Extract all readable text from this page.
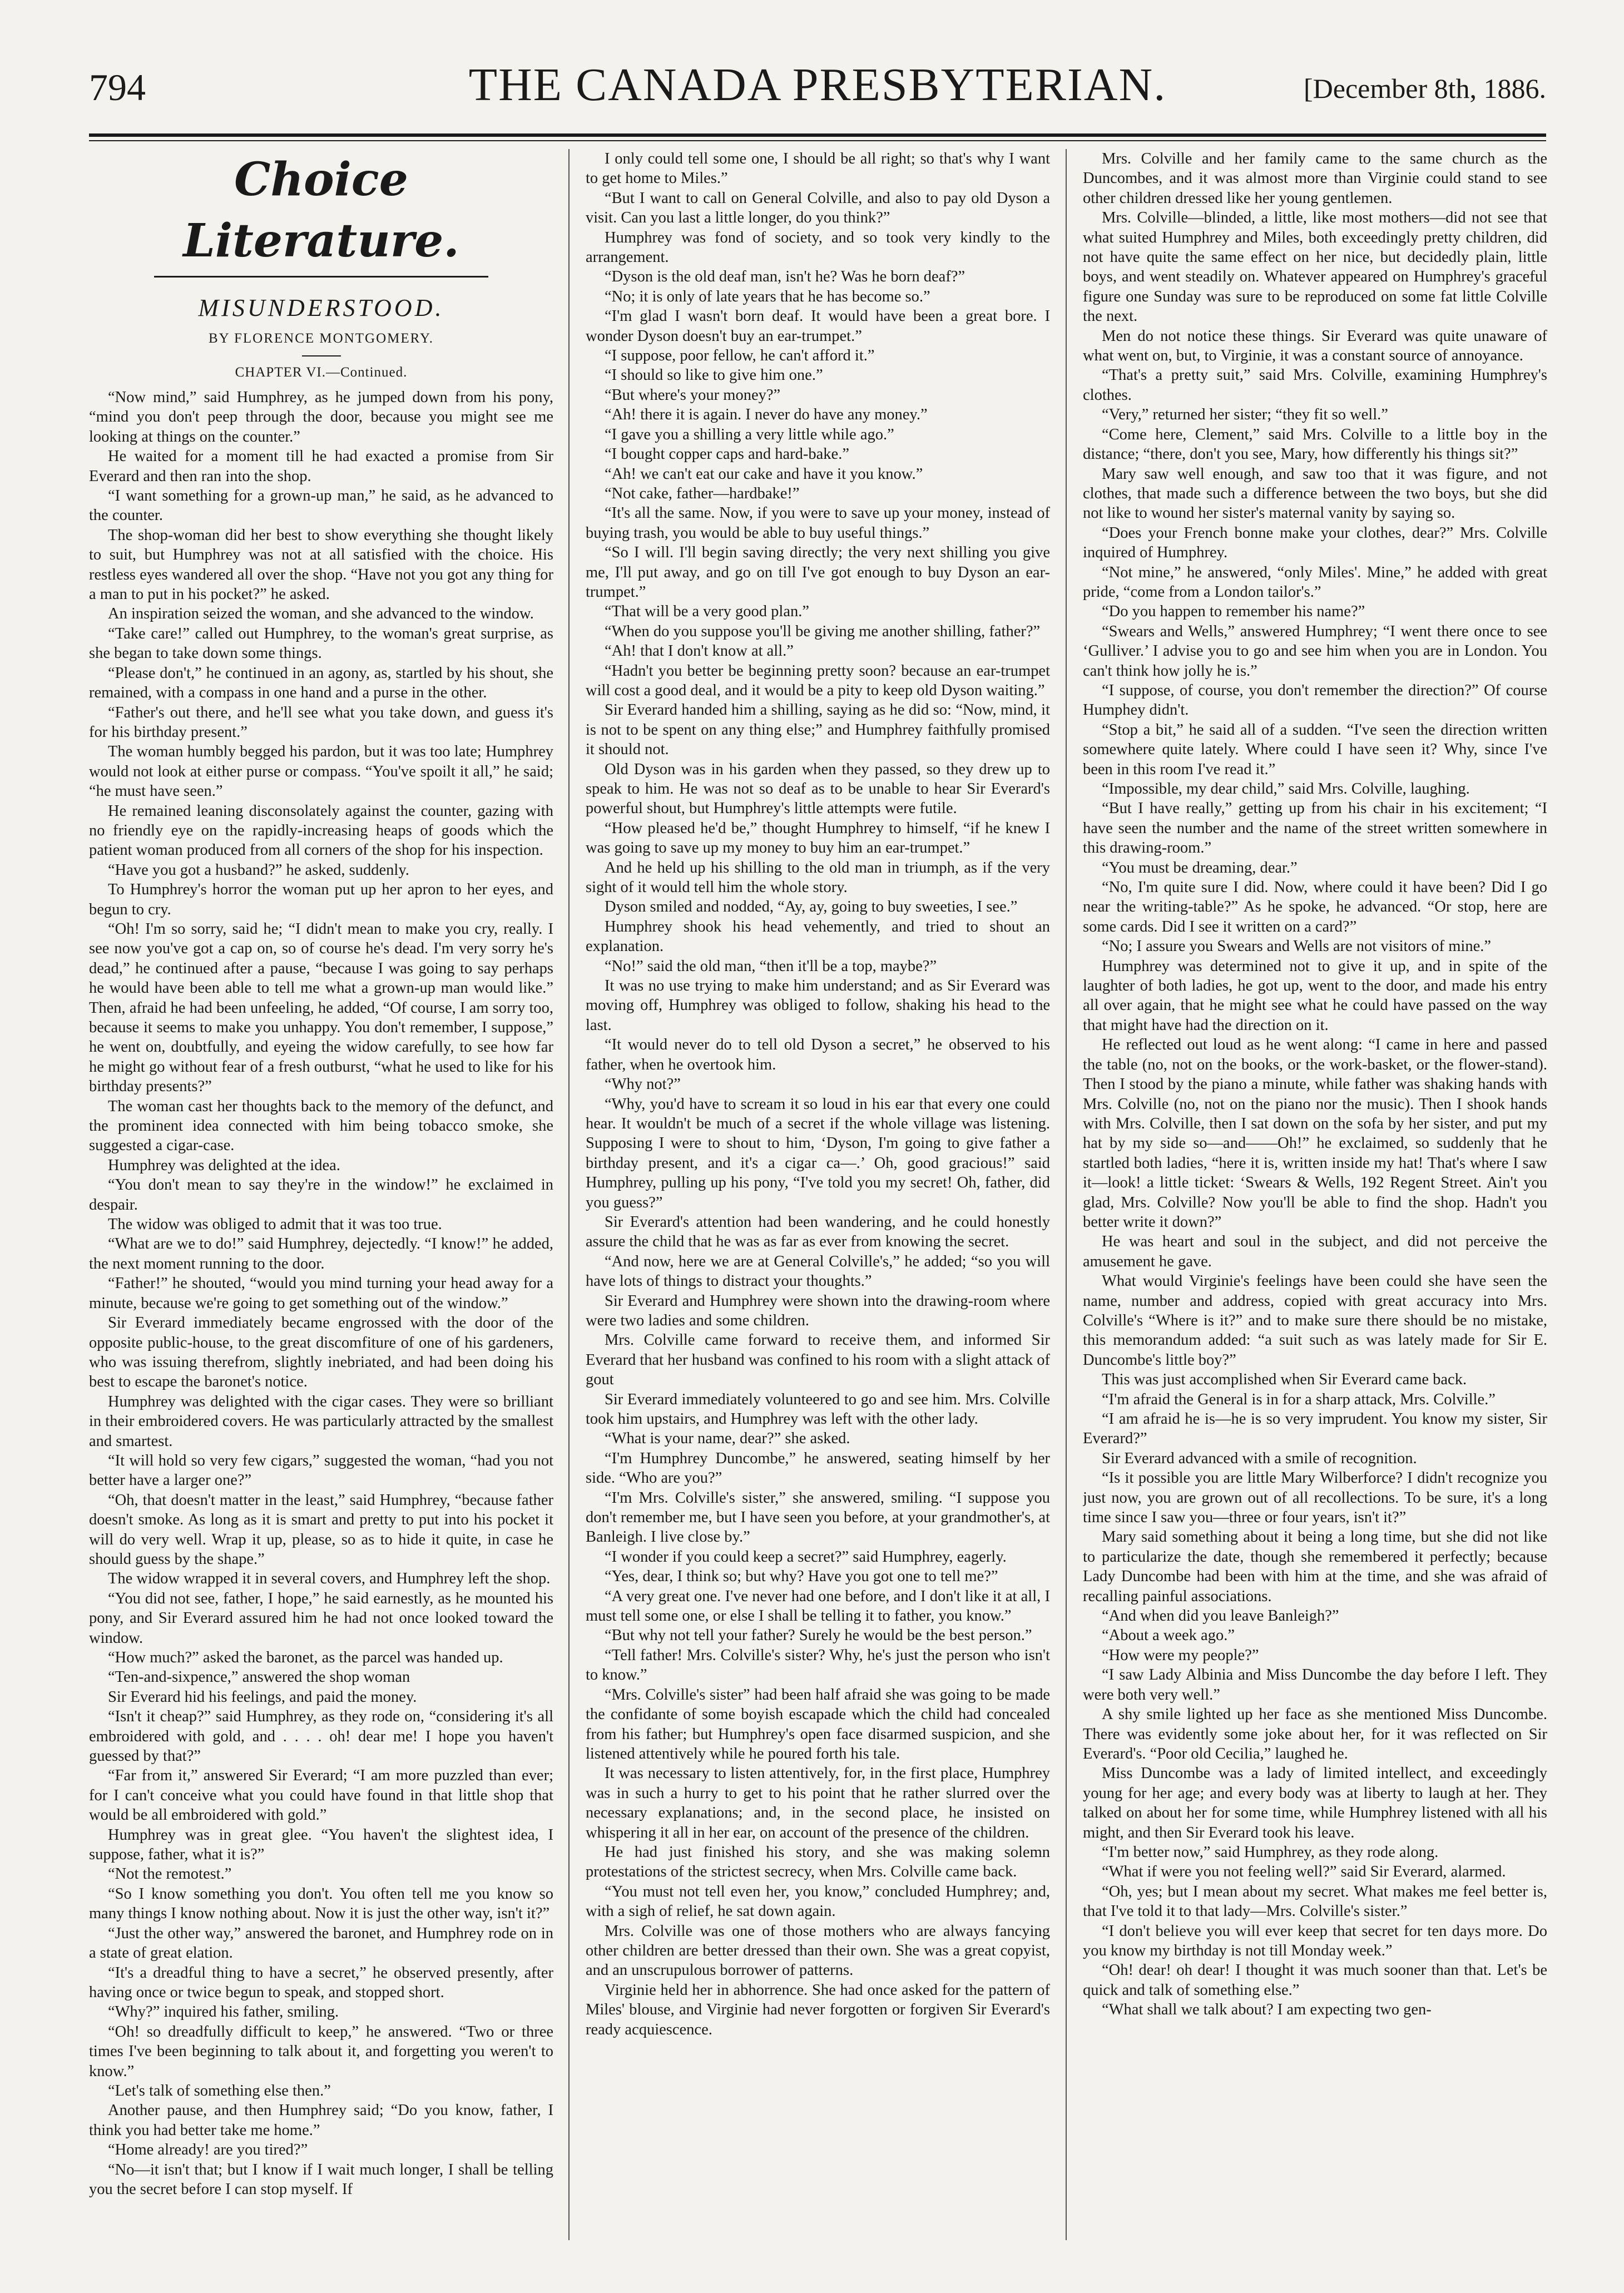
794	THE CANADA PRESBYTERIAN.	[December 8th, 1886.
Choice Literature.
MISUNDERSTOOD.
BY FLORENCE MONTGOMERY.
CHAPTER VI.—Continued.
“Now mind,” said Humphrey, as he jumped down from his pony, “mind you don't peep through the door, because you might see me looking at things on the counter.”
He waited for a moment till he had exacted a promise from Sir Everard and then ran into the shop.
“I want something for a grown-up man,” he said, as he advanced to the counter.
The shop-woman did her best to show everything she thought likely to suit, but Humphrey was not at all satisfied with the choice. His restless eyes wandered all over the shop. “Have not you got any thing for a man to put in his pocket?” he asked.
An inspiration seized the woman, and she advanced to the window.
“Take care!” called out Humphrey, to the woman's great surprise, as she began to take down some things.
“Please don't,” he continued in an agony, as, startled by his shout, she remained, with a compass in one hand and a purse in the other.
“Father's out there, and he'll see what you take down, and guess it's for his birthday present.”
The woman humbly begged his pardon, but it was too late; Humphrey would not look at either purse or compass. “You've spoilt it all,” he said; “he must have seen.”
He remained leaning disconsolately against the counter, gazing with no friendly eye on the rapidly-increasing heaps of goods which the patient woman produced from all corners of the shop for his inspection.
“Have you got a husband?” he asked, suddenly.
To Humphrey's horror the woman put up her apron to her eyes, and begun to cry.
“Oh! I'm so sorry, said he; “I didn't mean to make you cry, really. I see now you've got a cap on, so of course he's dead. I'm very sorry he's dead,” he continued after a pause, “because I was going to say perhaps he would have been able to tell me what a grown-up man would like.” Then, afraid he had been unfeeling, he added, “Of course, I am sorry too, because it seems to make you unhappy. You don't remember, I suppose,” he went on, doubtfully, and eyeing the widow carefully, to see how far he might go without fear of a fresh outburst, “what he used to like for his birthday presents?”
The woman cast her thoughts back to the memory of the defunct, and the prominent idea connected with him being tobacco smoke, she suggested a cigar-case.
Humphrey was delighted at the idea.
“You don't mean to say they're in the window!” he exclaimed in despair.
The widow was obliged to admit that it was too true.
“What are we to do!” said Humphrey, dejectedly. “I know!” he added, the next moment running to the door.
“Father!” he shouted, “would you mind turning your head away for a minute, because we're going to get something out of the window.”
Sir Everard immediately became engrossed with the door of the opposite public-house, to the great discomfiture of one of his gardeners, who was issuing therefrom, slightly inebriated, and had been doing his best to escape the baronet's notice.
Humphrey was delighted with the cigar cases. They were so brilliant in their embroidered covers. He was particularly attracted by the smallest and smartest.
“It will hold so very few cigars,” suggested the woman, “had you not better have a larger one?”
“Oh, that doesn't matter in the least,” said Humphrey, “because father doesn't smoke. As long as it is smart and pretty to put into his pocket it will do very well. Wrap it up, please, so as to hide it quite, in case he should guess by the shape.”
The widow wrapped it in several covers, and Humphrey left the shop.
“You did not see, father, I hope,” he said earnestly, as he mounted his pony, and Sir Everard assured him he had not once looked toward the window.
“How much?” asked the baronet, as the parcel was handed up.
“Ten-and-sixpence,” answered the shop woman
Sir Everard hid his feelings, and paid the money.
“Isn't it cheap?” said Humphrey, as they rode on, “considering it's all embroidered with gold, and . . . . oh! dear me! I hope you haven't guessed by that?”
“Far from it,” answered Sir Everard; “I am more puzzled than ever; for I can't conceive what you could have found in that little shop that would be all embroidered with gold.”
Humphrey was in great glee. “You haven't the slightest idea, I suppose, father, what it is?”
“Not the remotest.”
“So I know something you don't. You often tell me you know so many things I know nothing about. Now it is just the other way, isn't it?”
“Just the other way,” answered the baronet, and Humphrey rode on in a state of great elation.
“It's a dreadful thing to have a secret,” he observed presently, after having once or twice begun to speak, and stopped short.
“Why?” inquired his father, smiling.
“Oh! so dreadfully difficult to keep,” he answered. “Two or three times I've been beginning to talk about it, and forgetting you weren't to know.”
“Let's talk of something else then.”
Another pause, and then Humphrey said; “Do you know, father, I think you had better take me home.”
“Home already! are you tired?”
“No—it isn't that; but I know if I wait much longer, I shall be telling you the secret before I can stop myself. If
I only could tell some one, I should be all right; so that's why I want to get home to Miles.”
“But I want to call on General Colville, and also to pay old Dyson a visit. Can you last a little longer, do you think?”
Humphrey was fond of society, and so took very kindly to the arrangement.
“Dyson is the old deaf man, isn't he? Was he born deaf?”
“No; it is only of late years that he has become so.”
“I'm glad I wasn't born deaf. It would have been a great bore. I wonder Dyson doesn't buy an ear-trumpet.”
“I suppose, poor fellow, he can't afford it.”
“I should so like to give him one.”
“But where's your money?”
“Ah! there it is again. I never do have any money.”
“I gave you a shilling a very little while ago.”
“I bought copper caps and hard-bake.”
“Ah! we can't eat our cake and have it you know.”
“Not cake, father—hardbake!”
“It's all the same. Now, if you were to save up your money, instead of buying trash, you would be able to buy useful things.”
“So I will. I'll begin saving directly; the very next shilling you give me, I'll put away, and go on till I've got enough to buy Dyson an ear-trumpet.”
“That will be a very good plan.”
“When do you suppose you'll be giving me another shilling, father?”
“Ah! that I don't know at all.”
“Hadn't you better be beginning pretty soon? because an ear-trumpet will cost a good deal, and it would be a pity to keep old Dyson waiting.”
Sir Everard handed him a shilling, saying as he did so: “Now, mind, it is not to be spent on any thing else;” and Humphrey faithfully promised it should not.
Old Dyson was in his garden when they passed, so they drew up to speak to him. He was not so deaf as to be unable to hear Sir Everard's powerful shout, but Humphrey's little attempts were futile.
“How pleased he'd be,” thought Humphrey to himself, “if he knew I was going to save up my money to buy him an ear-trumpet.”
And he held up his shilling to the old man in triumph, as if the very sight of it would tell him the whole story.
Dyson smiled and nodded, “Ay, ay, going to buy sweeties, I see.”
Humphrey shook his head vehemently, and tried to shout an explanation.
“No!” said the old man, “then it'll be a top, maybe?”
It was no use trying to make him understand; and as Sir Everard was moving off, Humphrey was obliged to follow, shaking his head to the last.
“It would never do to tell old Dyson a secret,” he observed to his father, when he overtook him.
“Why not?”
“Why, you'd have to scream it so loud in his ear that every one could hear. It wouldn't be much of a secret if the whole village was listening. Supposing I were to shout to him, ‘Dyson, I'm going to give father a birthday present, and it's a cigar ca—.’ Oh, good gracious!” said Humphrey, pulling up his pony, “I've told you my secret! Oh, father, did you guess?”
Sir Everard's attention had been wandering, and he could honestly assure the child that he was as far as ever from knowing the secret.
“And now, here we are at General Colville's,” he added; “so you will have lots of things to distract your thoughts.”
Sir Everard and Humphrey were shown into the drawing-room where were two ladies and some children.
Mrs. Colville came forward to receive them, and informed Sir Everard that her husband was confined to his room with a slight attack of gout
Sir Everard immediately volunteered to go and see him. Mrs. Colville took him upstairs, and Humphrey was left with the other lady.
“What is your name, dear?” she asked.
“I'm Humphrey Duncombe,” he answered, seating himself by her side. “Who are you?”
“I'm Mrs. Colville's sister,” she answered, smiling. “I suppose you don't remember me, but I have seen you before, at your grandmother's, at Banleigh. I live close by.”
“I wonder if you could keep a secret?” said Humphrey, eagerly.
“Yes, dear, I think so; but why? Have you got one to tell me?”
“A very great one. I've never had one before, and I don't like it at all, I must tell some one, or else I shall be telling it to father, you know.”
“But why not tell your father? Surely he would be the best person.”
“Tell father! Mrs. Colville's sister? Why, he's just the person who isn't to know.”
“Mrs. Colville's sister” had been half afraid she was going to be made the confidante of some boyish escapade which the child had concealed from his father; but Humphrey's open face disarmed suspicion, and she listened attentively while he poured forth his tale.
It was necessary to listen attentively, for, in the first place, Humphrey was in such a hurry to get to his point that he rather slurred over the necessary explanations; and, in the second place, he insisted on whispering it all in her ear, on account of the presence of the children.
He had just finished his story, and she was making solemn protestations of the strictest secrecy, when Mrs. Colville came back.
“You must not tell even her, you know,” concluded Humphrey; and, with a sigh of relief, he sat down again.
Mrs. Colville was one of those mothers who are always fancying other children are better dressed than their own. She was a great copyist, and an unscrupulous borrower of patterns.
Virginie held her in abhorrence. She had once asked for the pattern of Miles' blouse, and Virginie had never forgotten or forgiven Sir Everard's ready acquiescence.
Mrs. Colville and her family came to the same church as the Duncombes, and it was almost more than Virginie could stand to see other children dressed like her young gentlemen.
Mrs. Colville—blinded, a little, like most mothers—did not see that what suited Humphrey and Miles, both exceedingly pretty children, did not have quite the same effect on her nice, but decidedly plain, little boys, and went steadily on. Whatever appeared on Humphrey's graceful figure one Sunday was sure to be reproduced on some fat little Colville the next.
Men do not notice these things. Sir Everard was quite unaware of what went on, but, to Virginie, it was a constant source of annoyance.
“That's a pretty suit,” said Mrs. Colville, examining Humphrey's clothes.
“Very,” returned her sister; “they fit so well.”
“Come here, Clement,” said Mrs. Colville to a little boy in the distance; “there, don't you see, Mary, how differently his things sit?”
Mary saw well enough, and saw too that it was figure, and not clothes, that made such a difference between the two boys, but she did not like to wound her sister's maternal vanity by saying so.
“Does your French bonne make your clothes, dear?” Mrs. Colville inquired of Humphrey.
“Not mine,” he answered, “only Miles'. Mine,” he added with great pride, “come from a London tailor's.”
“Do you happen to remember his name?”
“Swears and Wells,” answered Humphrey; “I went there once to see ‘Gulliver.’ I advise you to go and see him when you are in London. You can't think how jolly he is.”
“I suppose, of course, you don't remember the direction?” Of course Humphey didn't.
“Stop a bit,” he said all of a sudden. “I've seen the direction written somewhere quite lately. Where could I have seen it? Why, since I've been in this room I've read it.”
“Impossible, my dear child,” said Mrs. Colville, laughing.
“But I have really,” getting up from his chair in his excitement; “I have seen the number and the name of the street written somewhere in this drawing-room.”
“You must be dreaming, dear.”
“No, I'm quite sure I did. Now, where could it have been? Did I go near the writing-table?” As he spoke, he advanced. “Or stop, here are some cards. Did I see it written on a card?”
“No; I assure you Swears and Wells are not visitors of mine.”
Humphrey was determined not to give it up, and in spite of the laughter of both ladies, he got up, went to the door, and made his entry all over again, that he might see what he could have passed on the way that might have had the direction on it.
He reflected out loud as he went along: “I came in here and passed the table (no, not on the books, or the work-basket, or the flower-stand). Then I stood by the piano a minute, while father was shaking hands with Mrs. Colville (no, not on the piano nor the music). Then I shook hands with Mrs. Colville, then I sat down on the sofa by her sister, and put my hat by my side so—and——Oh!” he exclaimed, so suddenly that he startled both ladies, “here it is, written inside my hat! That's where I saw it—look! a little ticket: ‘Swears & Wells, 192 Regent Street. Ain't you glad, Mrs. Colville? Now you'll be able to find the shop. Hadn't you better write it down?”
He was heart and soul in the subject, and did not perceive the amusement he gave.
What would Virginie's feelings have been could she have seen the name, number and address, copied with great accuracy into Mrs. Colville's “Where is it?” and to make sure there should be no mistake, this memorandum added: “a suit such as was lately made for Sir E. Duncombe's little boy?”
This was just accomplished when Sir Everard came back.
“I'm afraid the General is in for a sharp attack, Mrs. Colville.”
“I am afraid he is—he is so very imprudent. You know my sister, Sir Everard?”
Sir Everard advanced with a smile of recognition.
“Is it possible you are little Mary Wilberforce? I didn't recognize you just now, you are grown out of all recollections. To be sure, it's a long time since I saw you—three or four years, isn't it?”
Mary said something about it being a long time, but she did not like to particularize the date, though she remembered it perfectly; because Lady Duncombe had been with him at the time, and she was afraid of recalling painful associations.
“And when did you leave Banleigh?”
“About a week ago.”
“How were my people?”
“I saw Lady Albinia and Miss Duncombe the day before I left. They were both very well.”
A shy smile lighted up her face as she mentioned Miss Duncombe. There was evidently some joke about her, for it was reflected on Sir Everard's. “Poor old Cecilia,” laughed he.
Miss Duncombe was a lady of limited intellect, and exceedingly young for her age; and every body was at liberty to laugh at her. They talked on about her for some time, while Humphrey listened with all his might, and then Sir Everard took his leave.
“I'm better now,” said Humphrey, as they rode along.
“What if were you not feeling well?” said Sir Everard, alarmed.
“Oh, yes; but I mean about my secret. What makes me feel better is, that I've told it to that lady—Mrs. Colville's sister.”
“I don't believe you will ever keep that secret for ten days more. Do you know my birthday is not till Monday week.”
“Oh! dear! oh dear! I thought it was much sooner than that. Let's be quick and talk of something else.”
“What shall we talk about? I am expecting two gen-
